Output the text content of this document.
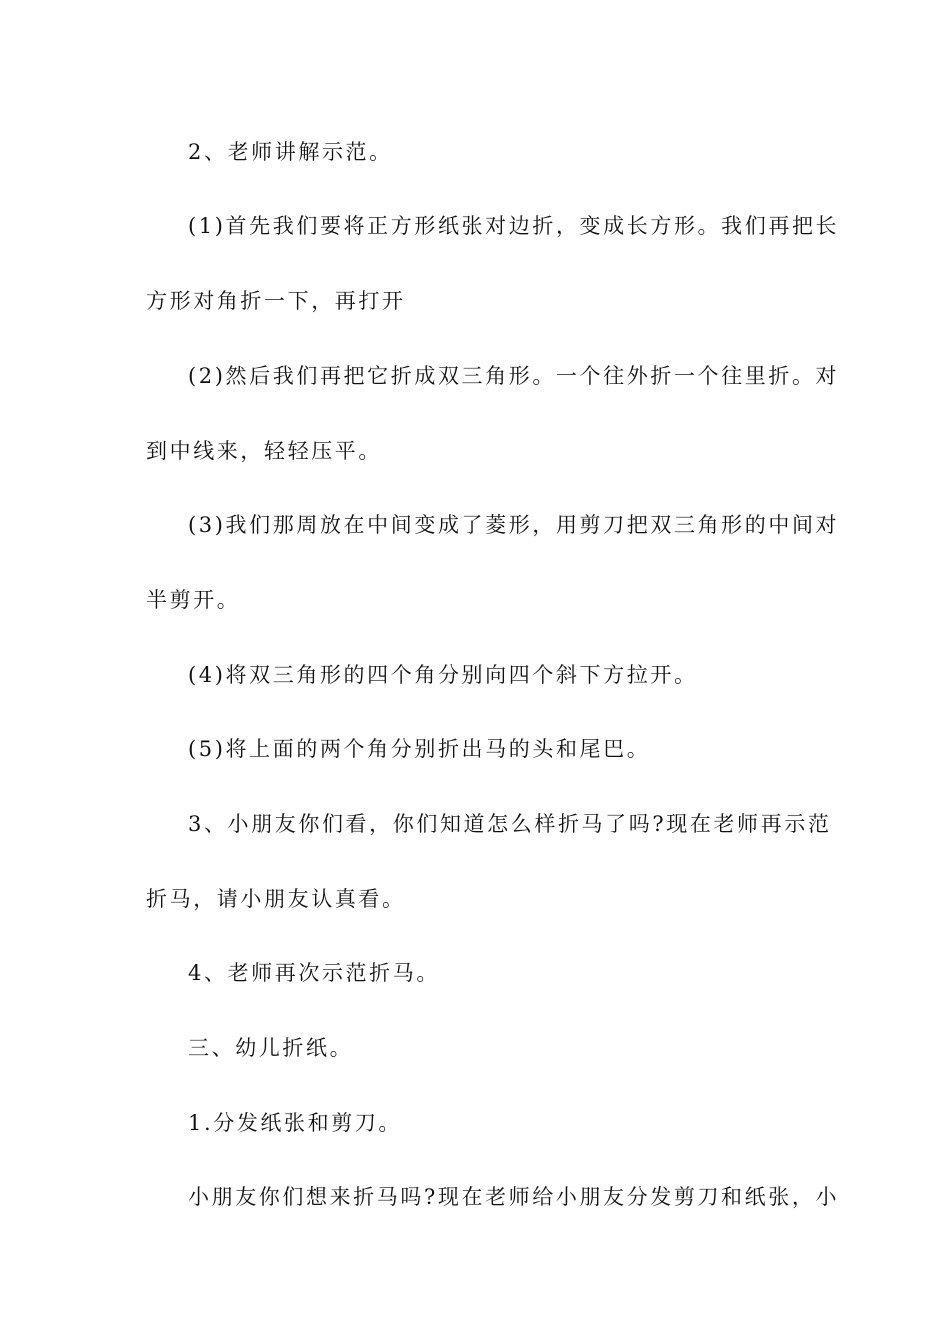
2、老师讲解示范。
(1)首先我们要将正方形纸张对边折，变成长方形。我们再把长
方形对角折一下，再打开
(2)然后我们再把它折成双三角形。一个往外折一个往里折。对
到中线来，轻轻压平。
(3)我们那周放在中间变成了菱形，用剪刀把双三角形的中间对
半剪开。
(4)将双三角形的四个角分别向四个斜下方拉开。
(5)将上面的两个角分别折出马的头和尾巴。
3、小朋友你们看，你们知道怎么样折马了吗?现在老师再示范
折马，请小朋友认真看。
4、老师再次示范折马。
三、幼儿折纸。
1.分发纸张和剪刀。
小朋友你们想来折马吗?现在老师给小朋友分发剪刀和纸张，小
